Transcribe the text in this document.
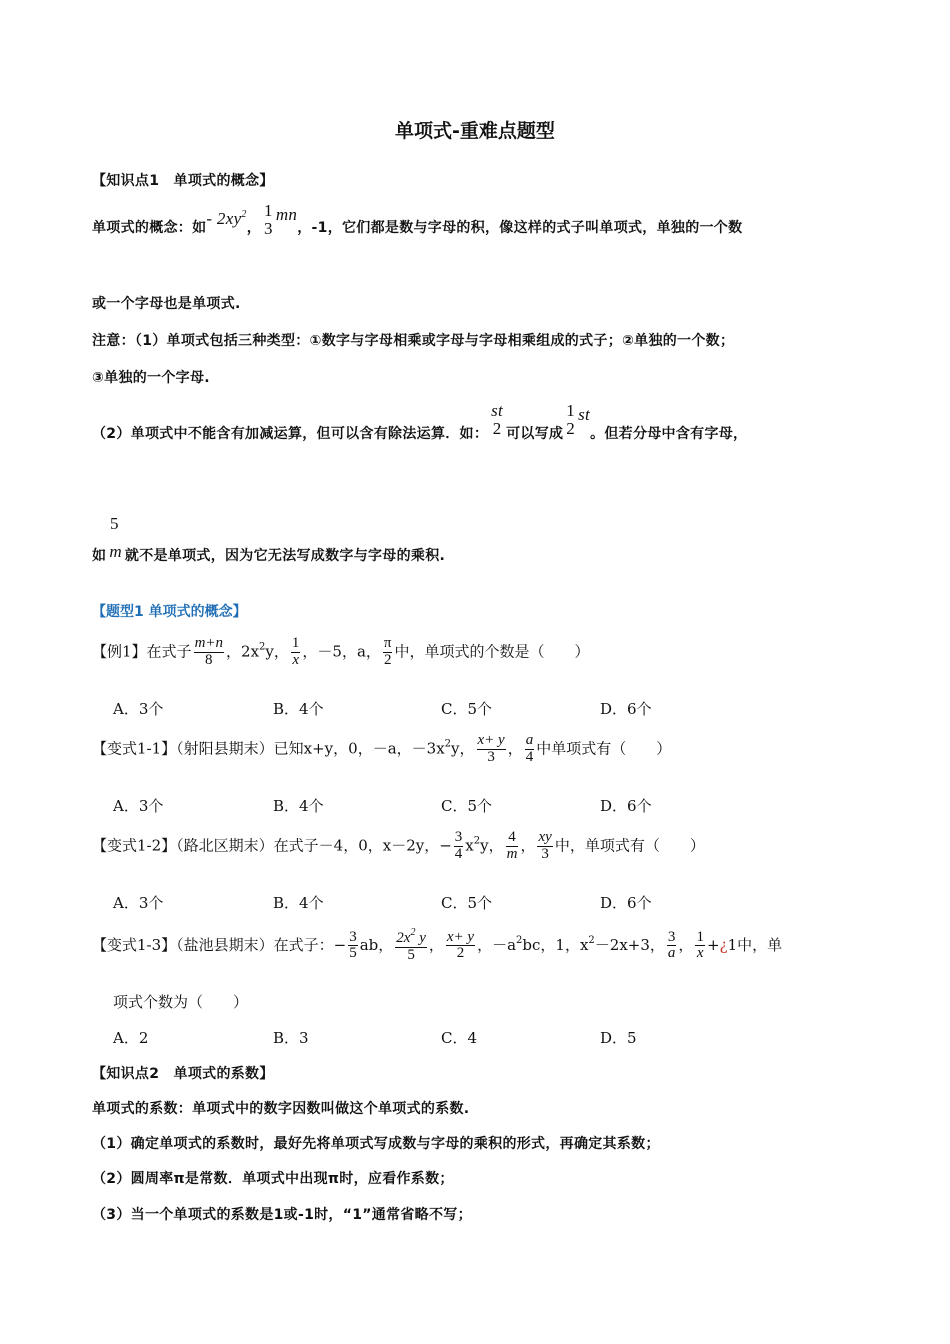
单项式-重难点题型
【知识点1　单项式的概念】
单项式的概念：如- $2xy^2$，
1
3
mn，-1，它们都是数与字母的积，像这样的式子叫单项式，单独的一个数
或一个字母也是单项式.
注意：（1）单项式包括三种类型：①数字与字母相乘或字母与字母相乘组成的式子；②单独的一个数；
③单独的一个字母.
（2）单项式中不能含有加减运算，但可以含有除法运算．如：
st
2 可以写成
1
2
st。但若分母中含有字母，
5
如 m 就不是单项式，因为它无法写成数字与字母的乘积.
【题型1 单项式的概念】
【例1】在式子 $\frac{m+n}{8}$ ，$2x^2y$， $\frac{1}{x}$ ，－5，a， $\frac{\pi}{2}$ 中，单项式的个数是（　　）
A．3个	B．4个	C．5个	D．6个
【变式1-1】（射阳县期末）已知x+y，0，－a，$-3x^2y$， $\frac{x+ y}{3}$ ， $\frac{a}{4}$ 中单项式有（　　）
A．3个	B．4个	C．5个	D．6个
【变式1-2】（路北区期末）在式子－4，0，x－2y，− $\frac{3}{4} x^2y$， $\frac{4}{m}$ ， $\frac{xy}{3}$ 中，单项式有（　　）
A．3个	B．4个	C．5个	D．6个
【变式1-3】（盐池县期末）在式子：− $\frac{3}{5}$ ab， $\frac{2x^2 y}{5}$ ， $\frac{x+ y}{2}$ ，$-a^2bc$，1，$x^2-2x+3$， $\frac{3}{a}$ ， $\frac{1}{x}$ +¿1中，单
项式个数为（　　）
A．2	B．3	C．4	D．5
【知识点2　单项式的系数】
单项式的系数：单项式中的数字因数叫做这个单项式的系数.
（1）确定单项式的系数时，最好先将单项式写成数与字母的乘积的形式，再确定其系数；
（2）圆周率π是常数．单项式中出现π时，应看作系数；
（3）当一个单项式的系数是1或-1时，“1”通常省略不写；
